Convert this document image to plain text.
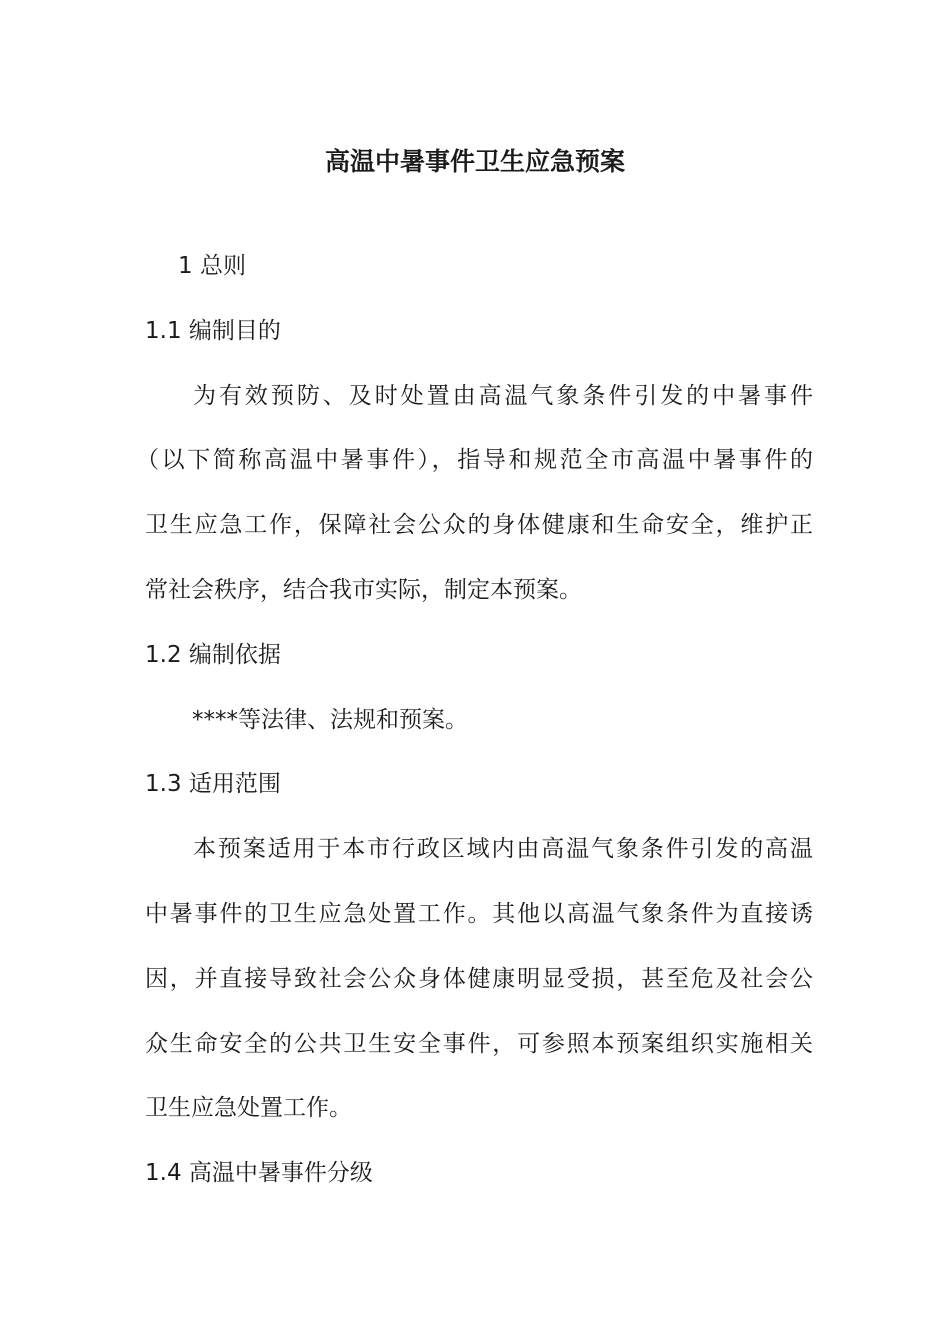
高温中暑事件卫生应急预案

1 总则

1.1 编制目的

为有效预防、及时处置由高温气象条件引发的中暑事件

（以下简称高温中暑事件），指导和规范全市高温中暑事件的

卫生应急工作，保障社会公众的身体健康和生命安全，维护正

常社会秩序，结合我市实际，制定本预案。

1.2 编制依据

****等法律、法规和预案。

1.3 适用范围

本预案适用于本市行政区域内由高温气象条件引发的高温

中暑事件的卫生应急处置工作。其他以高温气象条件为直接诱

因，并直接导致社会公众身体健康明显受损，甚至危及社会公

众生命安全的公共卫生安全事件，可参照本预案组织实施相关

卫生应急处置工作。

1.4 高温中暑事件分级
